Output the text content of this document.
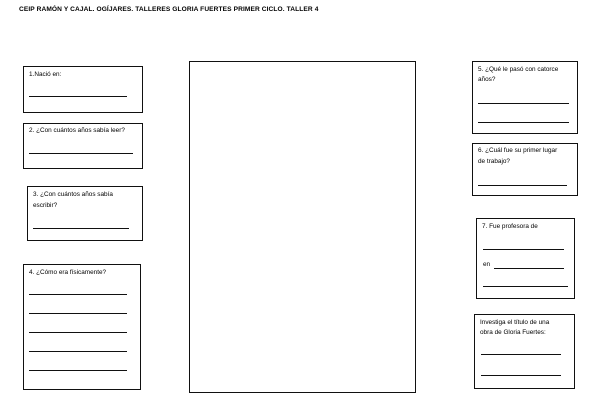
CEIP RAMÓN Y CAJAL. OGÍJARES. TALLERES GLORIA FUERTES PRIMER CICLO. TALLER 4
1.Nació en:
2. ¿Con cuántos años sabía leer?
3. ¿Con cuántos años sabía
escribir?
4. ¿Cómo era físicamente?
5. ¿Qué le pasó con catorce
años?
6. ¿Cuál fue su primer lugar
de trabajo?
7. Fue profesora de
en
Investiga el título de una
obra de Gloria Fuertes:
